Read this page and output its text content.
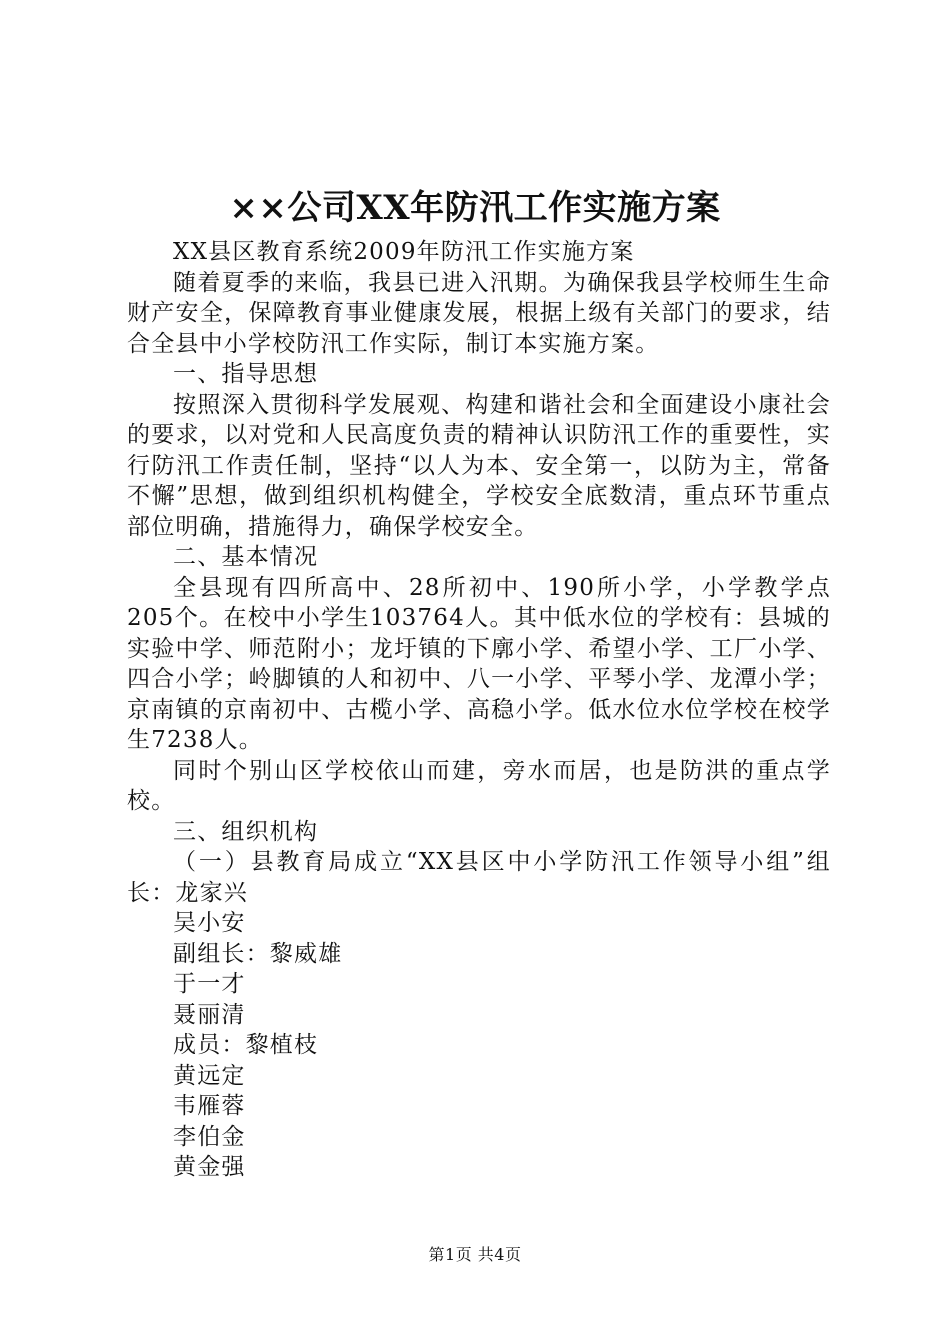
××公司XX年防汛工作实施方案

XX县区教育系统2009年防汛工作实施方案

随着夏季的来临，我县已进入汛期。为确保我县学校师生生命财产安全，保障教育事业健康发展，根据上级有关部门的要求，结合全县中小学校防汛工作实际，制订本实施方案。

一、指导思想

按照深入贯彻科学发展观、构建和谐社会和全面建设小康社会的要求，以对党和人民高度负责的精神认识防汛工作的重要性，实行防汛工作责任制，坚持“以人为本、安全第一，以防为主，常备不懈”思想，做到组织机构健全，学校安全底数清，重点环节重点部位明确，措施得力，确保学校安全。

二、基本情况

全县现有四所高中、28所初中、190所小学，小学教学点205个。在校中小学生103764人。其中低水位的学校有：县城的实验中学、师范附小；龙圩镇的下廓小学、希望小学、工厂小学、四合小学；岭脚镇的人和初中、八一小学、平琴小学、龙潭小学；京南镇的京南初中、古榄小学、高稳小学。低水位水位学校在校学生7238人。

同时个别山区学校依山而建，旁水而居，也是防洪的重点学校。

三、组织机构

（一）县教育局成立“XX县区中小学防汛工作领导小组”组长：龙家兴

吴小安

副组长：黎威雄

于一才

聂丽清

成员：黎植枝

黄远定

韦雁蓉

李伯金

黄金强

第1页 共4页
